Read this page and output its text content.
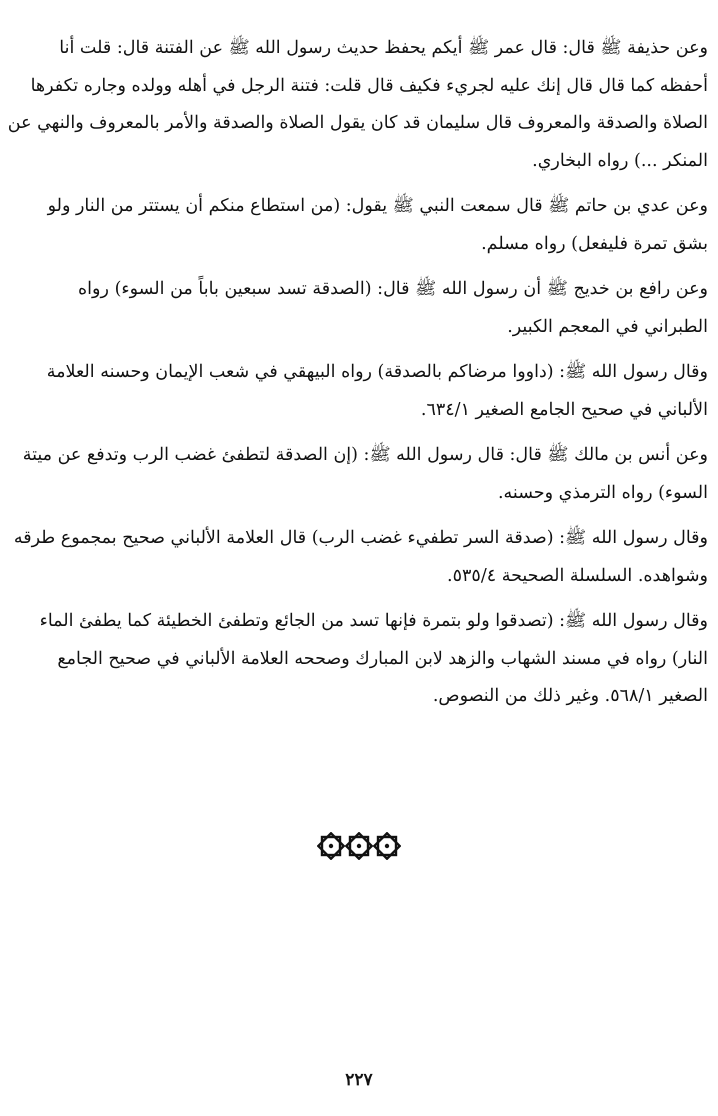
وعن حذيفة ﷺ قال: قال عمر ﷺ أيكم يحفظ حديث رسول الله ﷺ عن الفتنة قال: قلت أنا
أحفظه كما قال قال إنك عليه لجريء فكيف قال قلت: فتنة الرجل في أهله وولده وجاره تكفرها
الصلاة والصدقة والمعروف قال سليمان قد كان يقول الصلاة والصدقة والأمر بالمعروف والنهي عن
المنكر ...) رواه البخاري.

وعن عدي بن حاتم ﷺ قال سمعت النبي ﷺ يقول: (من استطاع منكم أن يستتر من النار ولو
بشق تمرة فليفعل) رواه مسلم.

وعن رافع بن خديج ﷺ أن رسول الله ﷺ قال: (الصدقة تسد سبعين باباً من السوء) رواه
الطبراني في المعجم الكبير.

وقال رسول الله ﷺ: (داووا مرضاكم بالصدقة) رواه البيهقي في شعب الإيمان وحسنه العلامة
الألباني في صحيح الجامع الصغير ٦٣٤/١.

وعن أنس بن مالك ﷺ قال: قال رسول الله ﷺ: (إن الصدقة لتطفئ غضب الرب وتدفع عن ميتة
السوء) رواه الترمذي وحسنه.

وقال رسول الله ﷺ: (صدقة السر تطفيء غضب الرب) قال العلامة الألباني صحيح بمجموع طرقه
وشواهده. السلسلة الصحيحة ٥٣٥/٤.

وقال رسول الله ﷺ: (تصدقوا ولو بتمرة فإنها تسد من الجائع وتطفئ الخطيئة كما يطفئ الماء
النار) رواه في مسند الشهاب والزهد لابن المبارك وصححه العلامة الألباني في صحيح الجامع
الصغير ٥٦٨/١. وغير ذلك من النصوص.

٢٢٧
